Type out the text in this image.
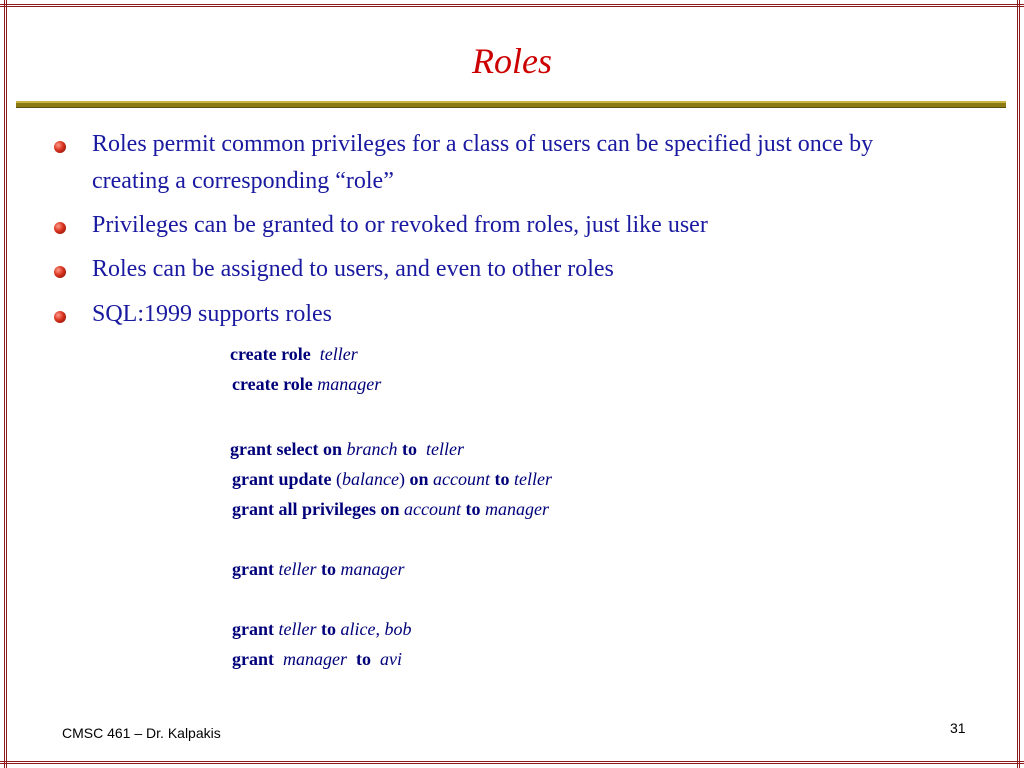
Roles
Roles permit common privileges for a class of users can be specified just once by creating a corresponding “role”
Privileges can be granted to or revoked from roles, just like user
Roles can be assigned to users, and even to other roles
SQL:1999 supports roles
create role teller
create role manager
grant select on branch to teller
grant update (balance) on account to teller
grant all privileges on account to manager
grant teller to manager
grant teller to alice, bob
grant manager to avi
CMSC 461 – Dr. Kalpakis	31
